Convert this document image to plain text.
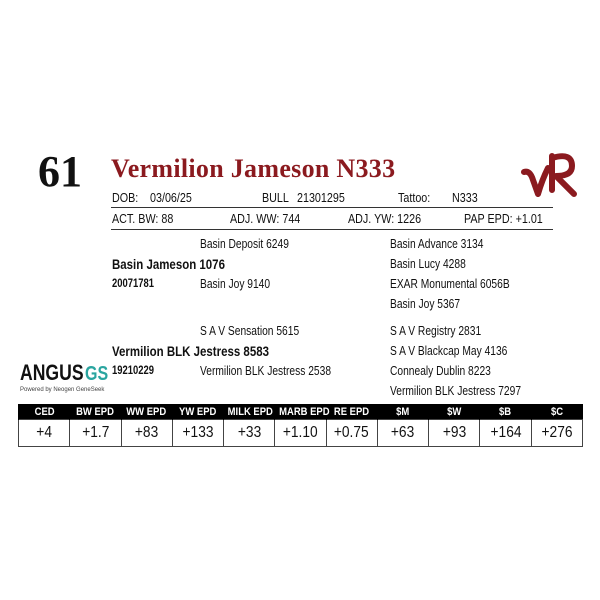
61 Vermilion Jameson N333
DOB: 03/06/25	BULL 21301295	Tattoo: N333
ACT. BW: 88	ADJ. WW: 744	ADJ. YW: 1226	PAP EPD: +1.01
Basin Deposit 6249	Basin Advance 3134
Basin Jameson 1076	Basin Lucy 4288
20071781	Basin Joy 9140	EXAR Monumental 6056B
Basin Joy 5367
S A V Sensation 5615	S A V Registry 2831
Vermilion BLK Jestress 8583	S A V Blackcap May 4136
19210229	Vermilion BLK Jestress 2538	Connealy Dublin 8223
Vermilion BLK Jestress 7297
ANGUSGS
Powered by Neogen GeneSeek
CED	BW EPD	WW EPD	YW EPD	MILK EPD	MARB EPD	RE EPD	$M	$W	$B	$C
+4	+1.7	+83	+133	+33	+1.10	+0.75	+63	+93	+164	+276
